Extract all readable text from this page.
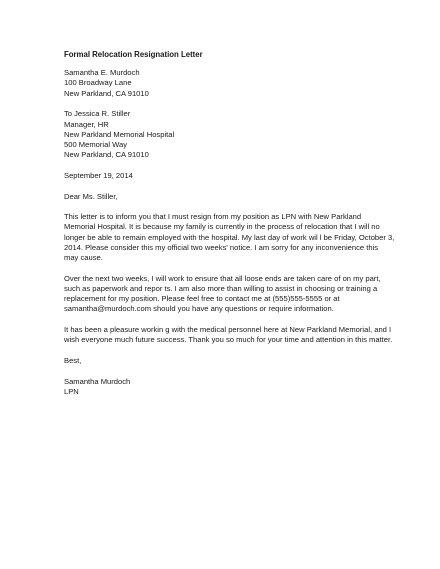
Formal Relocation Resignation Letter
Samantha E. Murdoch
100 Broadway Lane
New Parkland, CA 91010
To Jessica R. Stiller
Manager, HR
New Parkland Memorial Hospital
500 Memorial Way
New Parkland, CA 91010
September 19, 2014
Dear Ms. Stiller,
This letter is to inform you that I must resign from my position as LPN with New Parkland
Memorial Hospital. It is because my family is currently in the process of relocation that I will no
longer be able to remain employed with the hospital. My last day of work wil l be Friday, October 3,
2014. Please consider this my official two weeks' notice. I am sorry for any inconvenience this
may cause.
Over the next two weeks, I will work to ensure that all loose ends are taken care of on my part,
such as paperwork and repor ts. I am also more than willing to assist in choosing or training a
replacement for my position. Please feel free to contact me at (555)555-5555 or at
samantha@murdoch.com should you have any questions or require information.
It has been a pleasure workin g with the medical personnel here at New Parkland Memorial, and I
wish everyone much future success. Thank you so much for your time and attention in this matter.
Best,
Samantha Murdoch
LPN
